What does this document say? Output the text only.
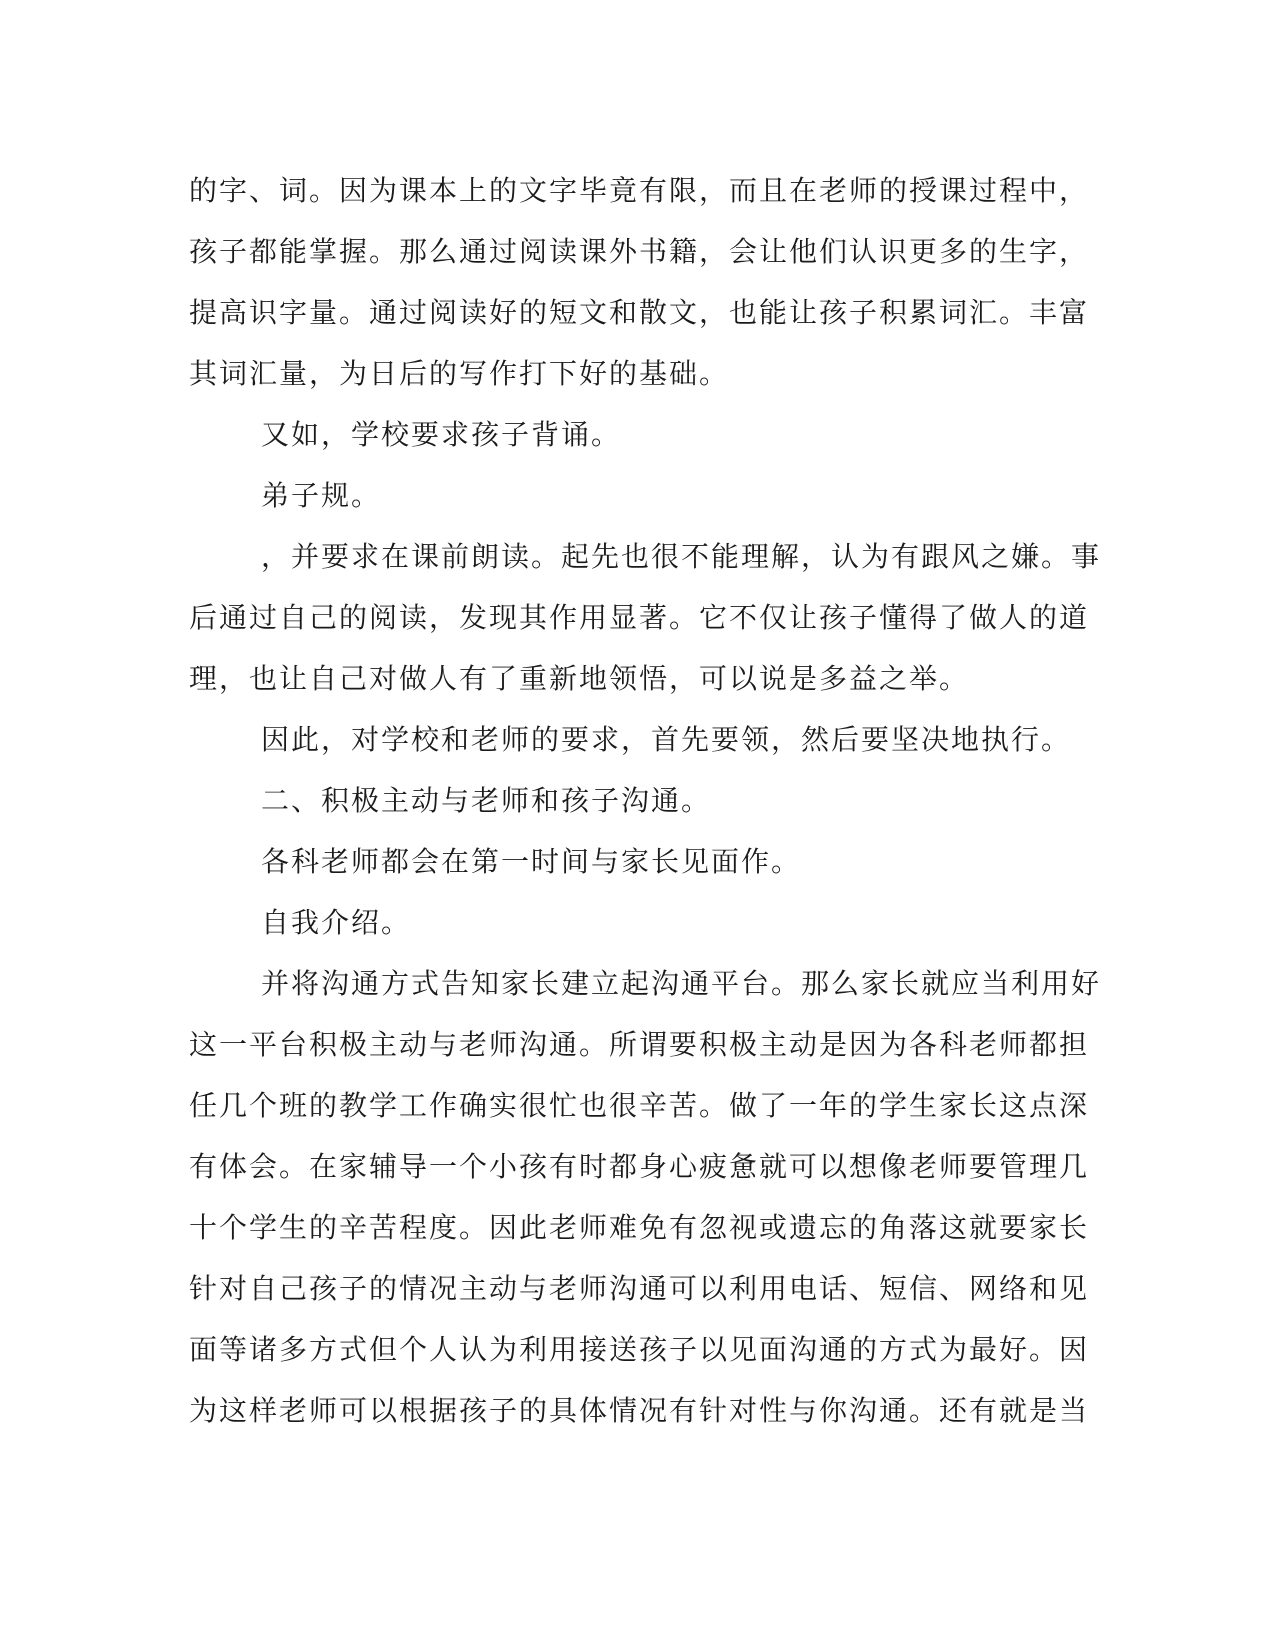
的字、词。因为课本上的文字毕竟有限，而且在老师的授课过程中，
孩子都能掌握。那么通过阅读课外书籍，会让他们认识更多的生字，
提高识字量。通过阅读好的短文和散文，也能让孩子积累词汇。丰富
其词汇量，为日后的写作打下好的基础。
又如，学校要求孩子背诵。
弟子规。
，并要求在课前朗读。起先也很不能理解，认为有跟风之嫌。事
后通过自己的阅读，发现其作用显著。它不仅让孩子懂得了做人的道
理，也让自己对做人有了重新地领悟，可以说是多益之举。
因此，对学校和老师的要求，首先要领，然后要坚决地执行。
二、积极主动与老师和孩子沟通。
各科老师都会在第一时间与家长见面作。
自我介绍。
并将沟通方式告知家长建立起沟通平台。那么家长就应当利用好
这一平台积极主动与老师沟通。所谓要积极主动是因为各科老师都担
任几个班的教学工作确实很忙也很辛苦。做了一年的学生家长这点深
有体会。在家辅导一个小孩有时都身心疲惫就可以想像老师要管理几
十个学生的辛苦程度。因此老师难免有忽视或遗忘的角落这就要家长
针对自己孩子的情况主动与老师沟通可以利用电话、短信、网络和见
面等诸多方式但个人认为利用接送孩子以见面沟通的方式为最好。因
为这样老师可以根据孩子的具体情况有针对性与你沟通。还有就是当
